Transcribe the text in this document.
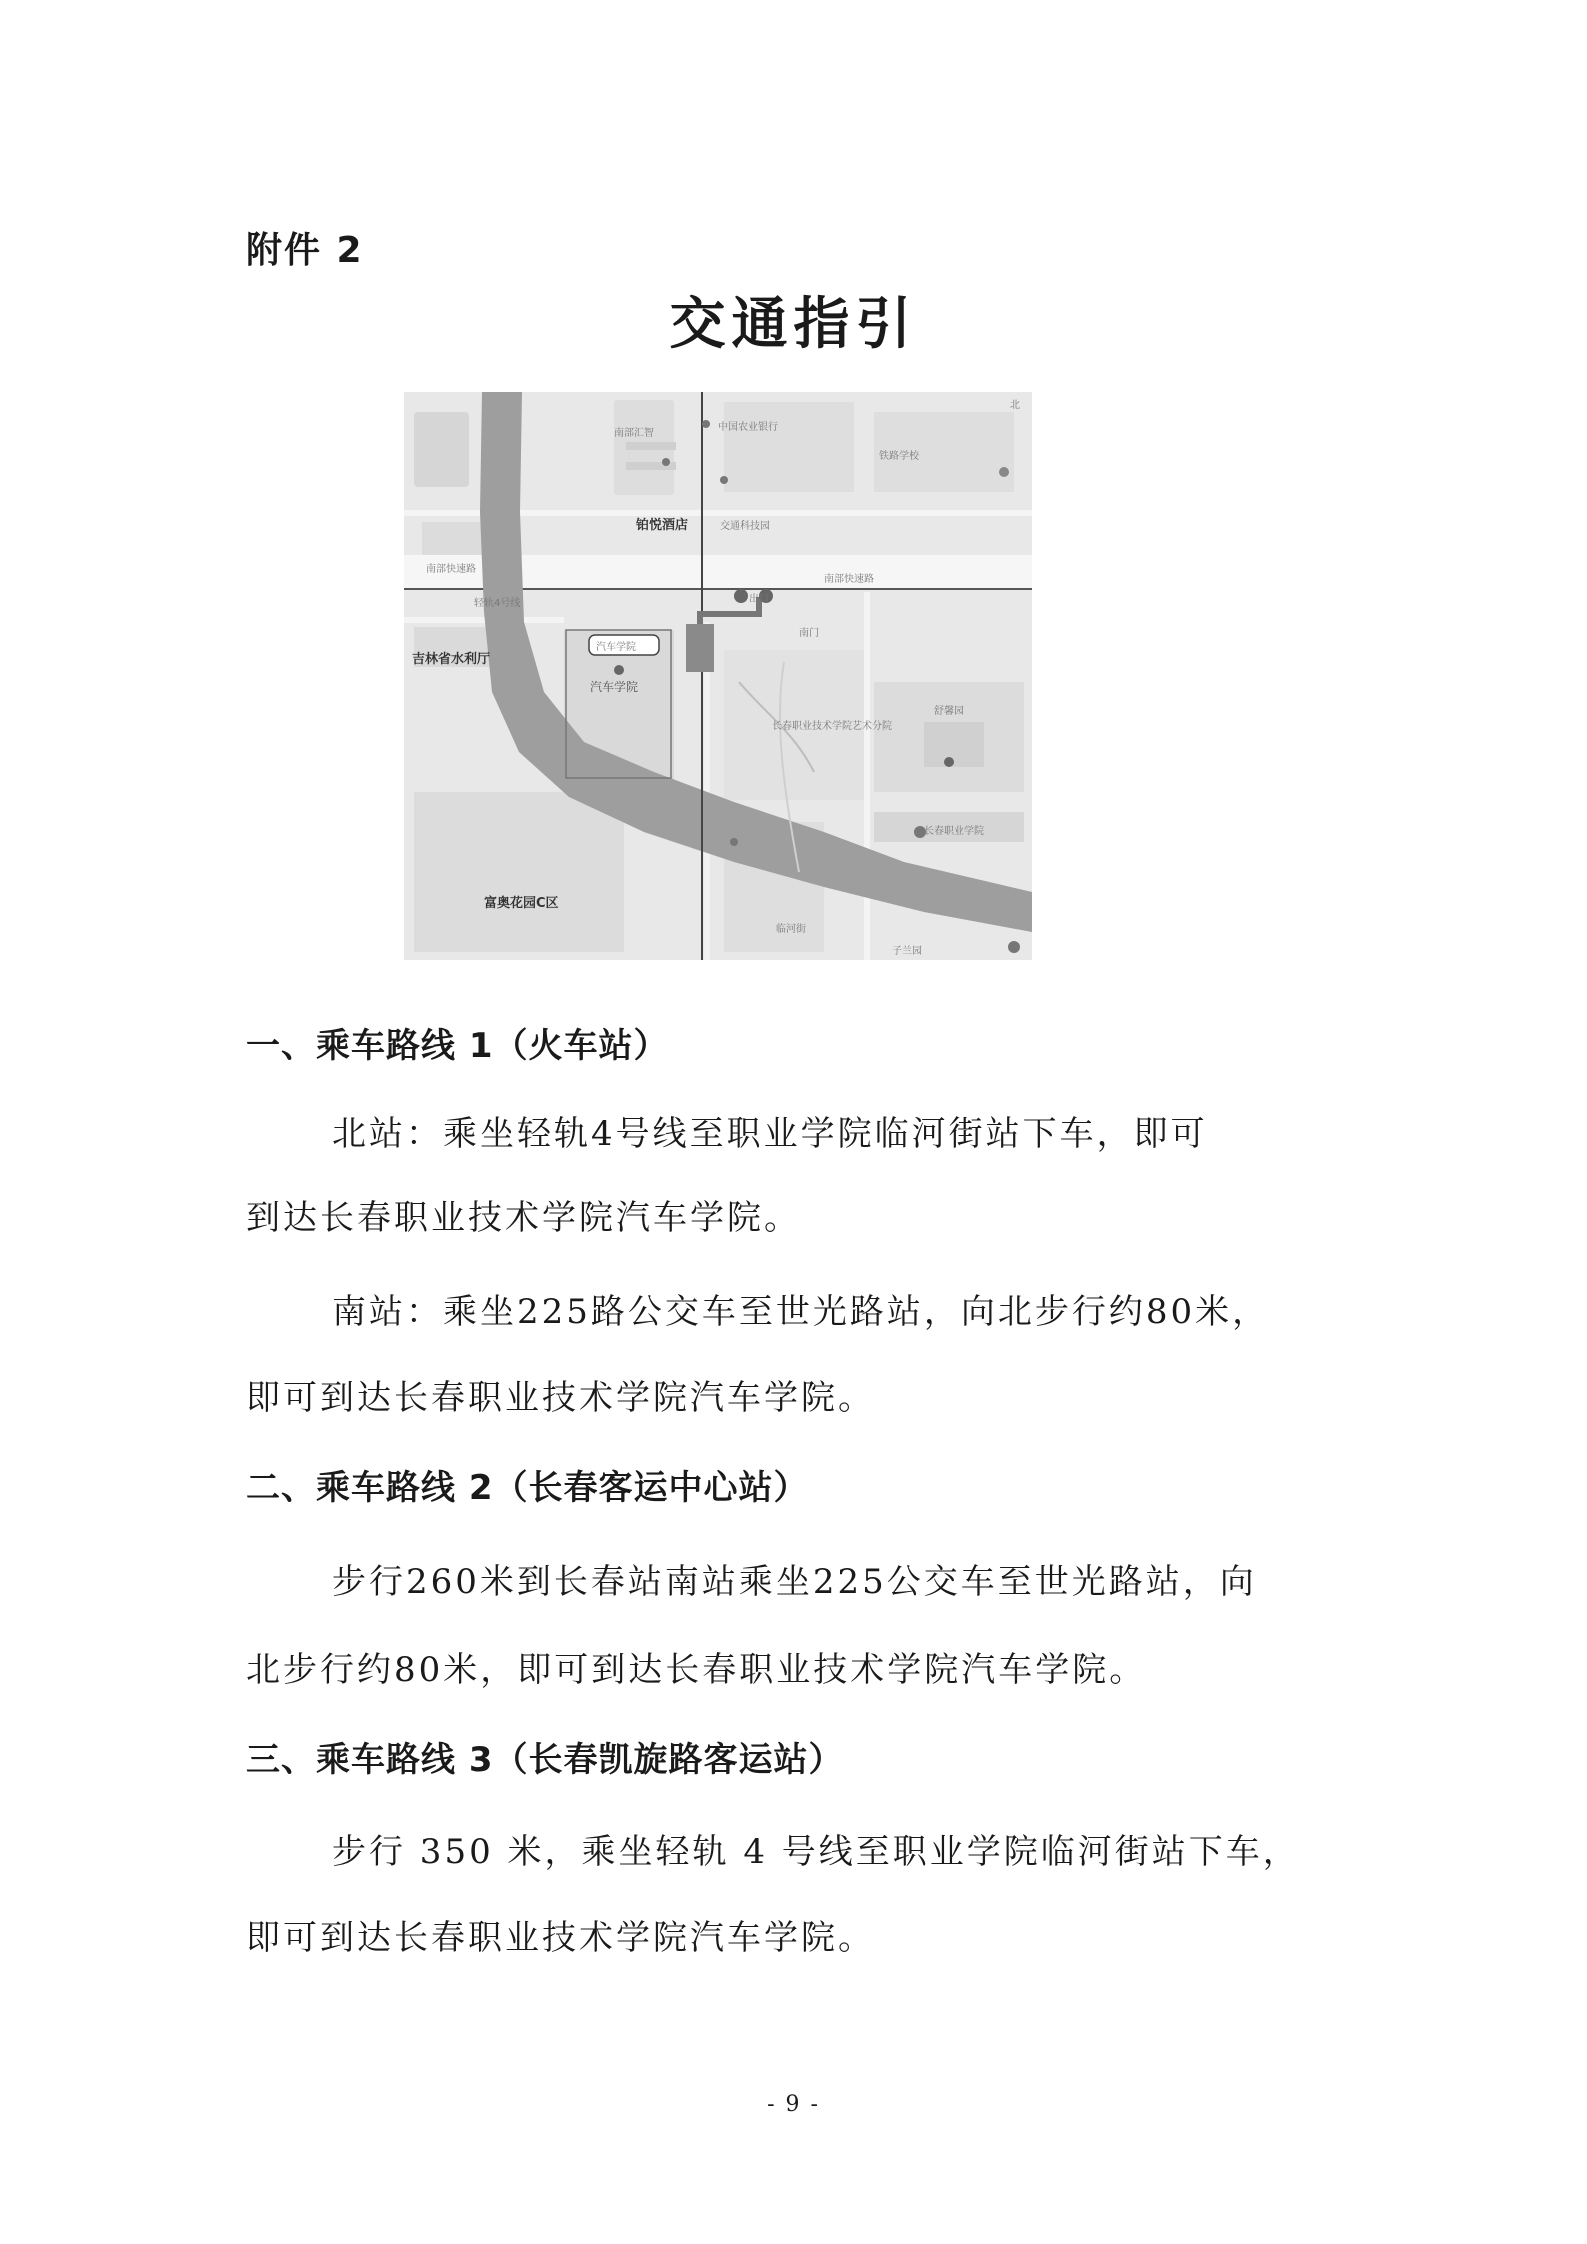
附件 2
交通指引
南部汇智
中国农业银行
铂悦酒店	交通科技园
铁路学校
南部快速路
南部快速路
轻轨4号线	出口
南门
吉林省水利厅
汽车学院
汽车学院
长春职业技术学院艺术分院
舒馨园
长春职业学院
富奥花园C区
临河街
子兰园
北
一、乘车路线 1（火车站）
北站：乘坐轻轨4号线至职业学院临河街站下车，即可
到达长春职业技术学院汽车学院。
南站：乘坐225路公交车至世光路站，向北步行约80米，
即可到达长春职业技术学院汽车学院。
二、乘车路线 2（长春客运中心站）
步行260米到长春站南站乘坐225公交车至世光路站，向
北步行约80米，即可到达长春职业技术学院汽车学院。
三、乘车路线 3（长春凯旋路客运站）
步行 350 米，乘坐轻轨 4 号线至职业学院临河街站下车，
即可到达长春职业技术学院汽车学院。
- 9 -
